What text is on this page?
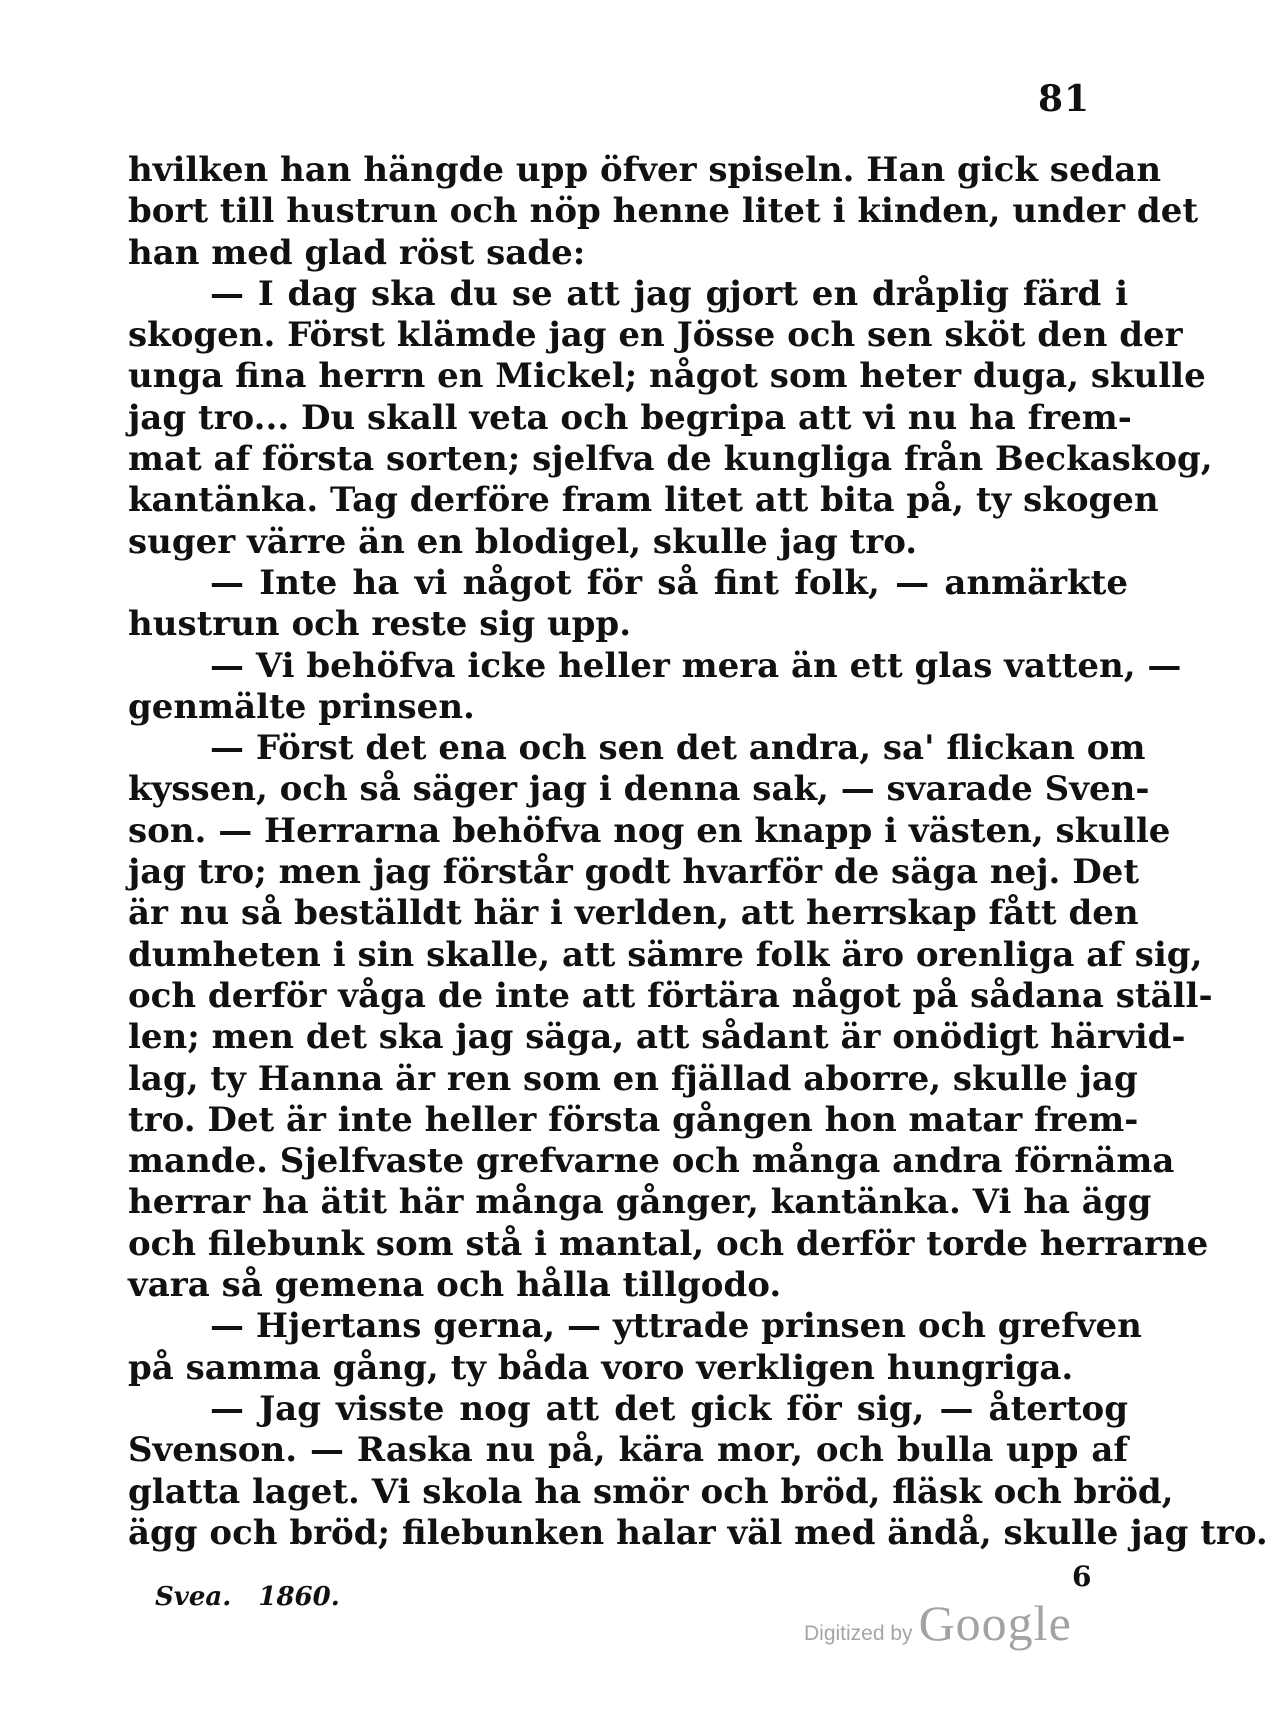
81
hvilken han hängde upp öfver spiseln. Han gick sedan
bort till hustrun och nöp henne litet i kinden, under det
han med glad röst sade:
— I dag ska du se att jag gjort en dråplig färd i
skogen. Först klämde jag en Jösse och sen sköt den der
unga fina herrn en Mickel; något som heter duga, skulle
jag tro... Du skall veta och begripa att vi nu ha frem-
mat af första sorten; sjelfva de kungliga från Beckaskog,
kantänka. Tag derföre fram litet att bita på, ty skogen
suger värre än en blodigel, skulle jag tro.
— Inte ha vi något för så fint folk, — anmärkte
hustrun och reste sig upp.
— Vi behöfva icke heller mera än ett glas vatten, —
genmälte prinsen.
— Först det ena och sen det andra, sa' flickan om
kyssen, och så säger jag i denna sak, — svarade Sven-
son. — Herrarna behöfva nog en knapp i västen, skulle
jag tro; men jag förstår godt hvarför de säga nej. Det
är nu så beställdt här i verlden, att herrskap fått den
dumheten i sin skalle, att sämre folk äro orenliga af sig,
och derför våga de inte att förtära något på sådana ställ-
len; men det ska jag säga, att sådant är onödigt härvid-
lag, ty Hanna är ren som en fjällad aborre, skulle jag
tro. Det är inte heller första gången hon matar frem-
mande. Sjelfvaste grefvarne och många andra förnäma
herrar ha ätit här många gånger, kantänka. Vi ha ägg
och filebunk som stå i mantal, och derför torde herrarne
vara så gemena och hålla tillgodo.
— Hjertans gerna, — yttrade prinsen och grefven
på samma gång, ty båda voro verkligen hungriga.
— Jag visste nog att det gick för sig, — återtog
Svenson. — Raska nu på, kära mor, och bulla upp af
glatta laget. Vi skola ha smör och bröd, fläsk och bröd,
ägg och bröd; filebunken halar väl med ändå, skulle jag tro.
Svea. 1860.
6
Digitized by Google
